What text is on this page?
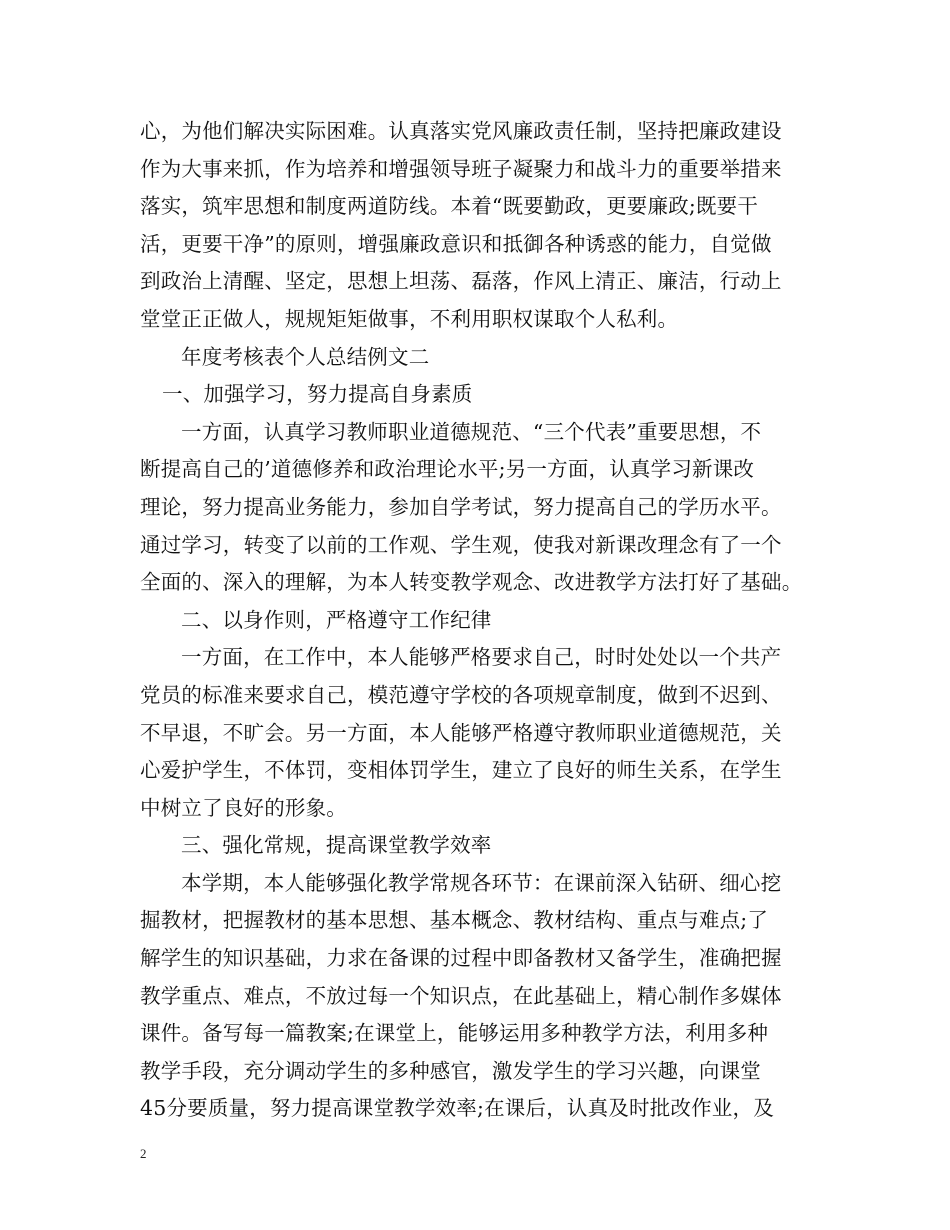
心，为他们解决实际困难。认真落实党风廉政责任制，坚持把廉政建设
作为大事来抓，作为培养和增强领导班子凝聚力和战斗力的重要举措来
落实，筑牢思想和制度两道防线。本着“既要勤政，更要廉政;既要干
活，更要干净”的原则，增强廉政意识和抵御各种诱惑的能力，自觉做
到政治上清醒、坚定，思想上坦荡、磊落，作风上清正、廉洁，行动上
堂堂正正做人，规规矩矩做事，不利用职权谋取个人私利。
年度考核表个人总结例文二
一、加强学习，努力提高自身素质
一方面，认真学习教师职业道德规范、“三个代表”重要思想，不
断提高自己的’道德修养和政治理论水平;另一方面，认真学习新课改
理论，努力提高业务能力，参加自学考试，努力提高自己的学历水平。
通过学习，转变了以前的工作观、学生观，使我对新课改理念有了一个
全面的、深入的理解，为本人转变教学观念、改进教学方法打好了基础。
二、以身作则，严格遵守工作纪律
一方面，在工作中，本人能够严格要求自己，时时处处以一个共产
党员的标准来要求自己，模范遵守学校的各项规章制度，做到不迟到、
不早退，不旷会。另一方面，本人能够严格遵守教师职业道德规范，关
心爱护学生，不体罚，变相体罚学生，建立了良好的师生关系，在学生
中树立了良好的形象。
三、强化常规，提高课堂教学效率
本学期，本人能够强化教学常规各环节：在课前深入钻研、细心挖
掘教材，把握教材的基本思想、基本概念、教材结构、重点与难点;了
解学生的知识基础，力求在备课的过程中即备教材又备学生，准确把握
教学重点、难点，不放过每一个知识点，在此基础上，精心制作多媒体
课件。备写每一篇教案;在课堂上，能够运用多种教学方法，利用多种
教学手段，充分调动学生的多种感官，激发学生的学习兴趣，向课堂
45分要质量，努力提高课堂教学效率;在课后，认真及时批改作业，及
2
